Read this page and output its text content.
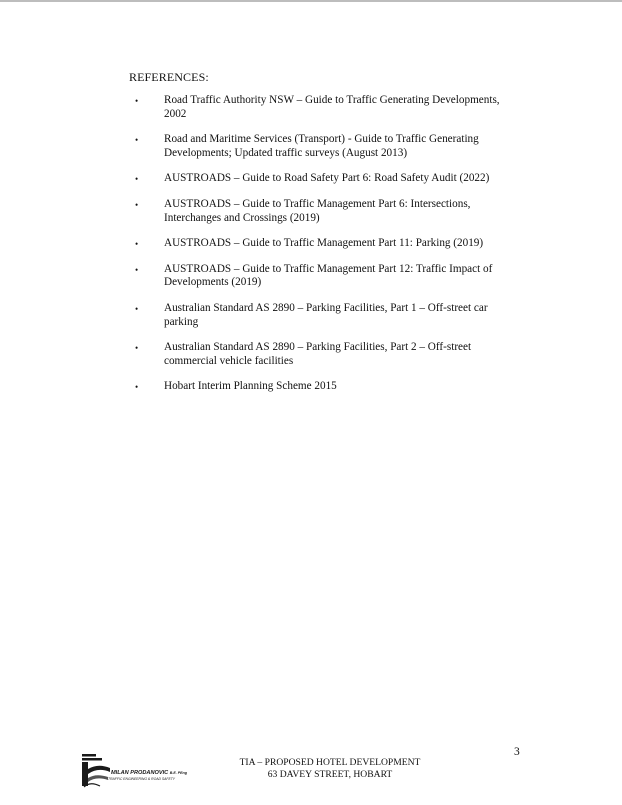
REFERENCES:
• Road Traffic Authority NSW – Guide to Traffic Generating Developments, 2002
• Road and Maritime Services (Transport) - Guide to Traffic Generating Developments; Updated traffic surveys (August 2013)
• AUSTROADS – Guide to Road Safety Part 6: Road Safety Audit (2022)
• AUSTROADS – Guide to Traffic Management Part 6: Intersections, Interchanges and Crossings (2019)
• AUSTROADS – Guide to Traffic Management Part 11: Parking (2019)
• AUSTROADS – Guide to Traffic Management Part 12: Traffic Impact of Developments (2019)
• Australian Standard AS 2890 – Parking Facilities, Part 1 – Off-street car parking
• Australian Standard AS 2890 – Parking Facilities, Part 2 – Off-street commercial vehicle facilities
• Hobart Interim Planning Scheme 2015
3
TIA – PROPOSED HOTEL DEVELOPMENT
63 DAVEY STREET, HOBART
MILAN PRODANOVIC B.E. PEng
TRAFFIC ENGINEERING & ROAD SAFETY
